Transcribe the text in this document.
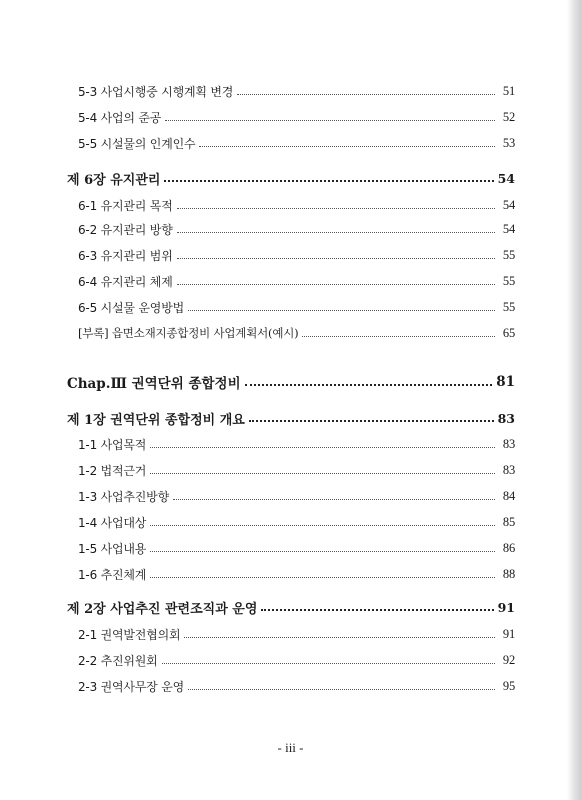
5-3 사업시행중 시행계획 변경	51
5-4 사업의 준공	52
5-5 시설물의 인계인수	53
제 6장 유지관리	54
6-1 유지관리 목적	54
6-2 유지관리 방향	54
6-3 유지관리 범위	55
6-4 유지관리 체제	55
6-5 시설물 운영방법	55
[부록] 읍면소재지종합정비 사업계획서(예시)	65
Chap.Ⅲ 권역단위 종합정비	81
제 1장 권역단위 종합정비 개요	83
1-1 사업목적	83
1-2 법적근거	83
1-3 사업추진방향	84
1-4 사업대상	85
1-5 사업내용	86
1-6 추진체계	88
제 2장 사업추진 관련조직과 운영	91
2-1 권역발전협의회	91
2-2 추진위원회	92
2-3 권역사무장 운영	95
- iii -
